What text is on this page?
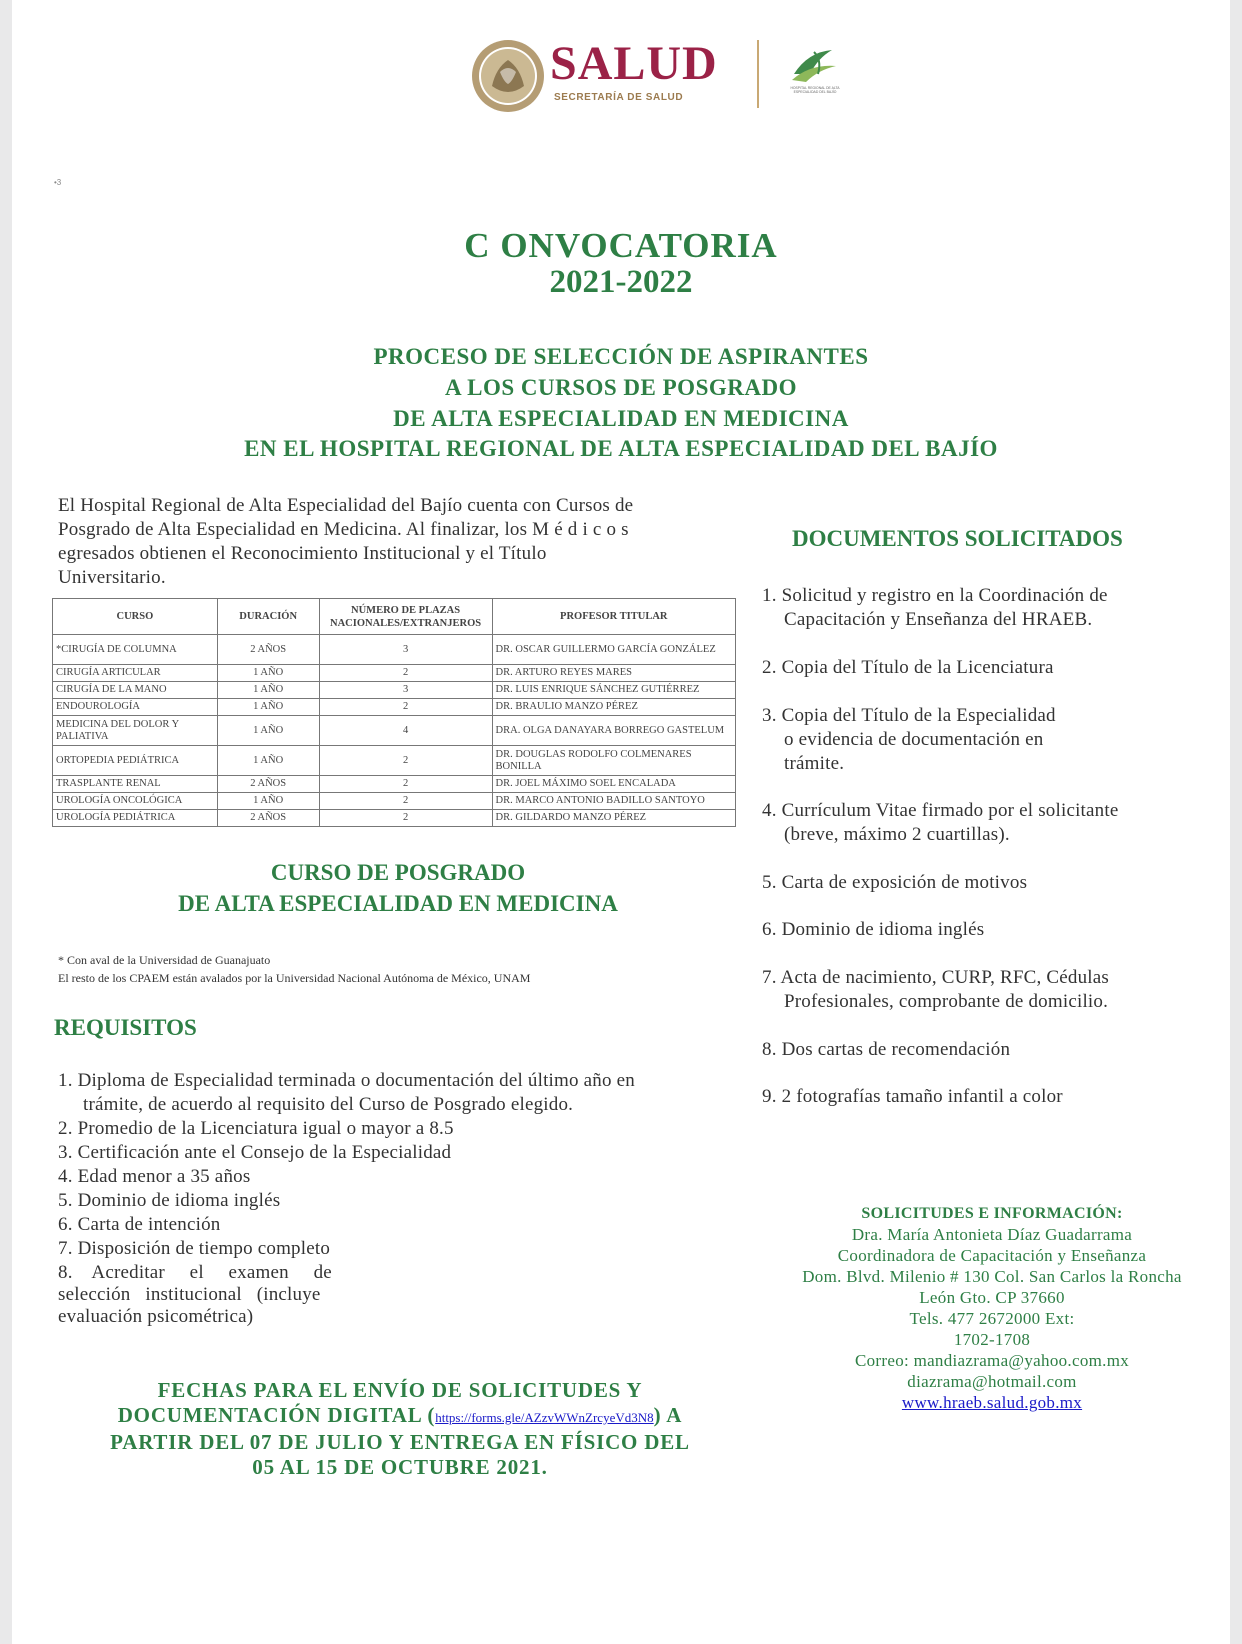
SALUD
SECRETARÍA DE SALUD
HOSPITAL REGIONAL DE ALTA ESPECIALIDAD DEL BAJÍO
•3
C ONVOCATORIA
2021-2022
PROCESO DE SELECCIÓN DE ASPIRANTES
A LOS CURSOS DE POSGRADO
DE ALTA ESPECIALIDAD EN MEDICINA
EN EL HOSPITAL REGIONAL DE ALTA ESPECIALIDAD DEL BAJÍO
El Hospital Regional de Alta Especialidad del Bajío cuenta con Cursos de
Posgrado de Alta Especialidad en Medicina. Al finalizar, los M é d i c o s
egresados obtienen el Reconocimiento Institucional y el Título
Universitario.
CURSO	DURACIÓN	NÚMERO DE PLAZAS NACIONALES/EXTRANJEROS	PROFESOR TITULAR
*CIRUGÍA DE COLUMNA	2 AÑOS	3	DR. OSCAR GUILLERMO GARCÍA GONZÁLEZ
CIRUGÍA ARTICULAR	1 AÑO	2	DR. ARTURO REYES MARES
CIRUGÍA DE LA MANO	1 AÑO	3	DR. LUIS ENRIQUE SÁNCHEZ GUTIÉRREZ
ENDOUROLOGÍA	1 AÑO	2	DR. BRAULIO MANZO PÉREZ
MEDICINA DEL DOLOR Y PALIATIVA	1 AÑO	4	DRA. OLGA DANAYARA BORREGO GASTELUM
ORTOPEDIA PEDIÁTRICA	1 AÑO	2	DR. DOUGLAS RODOLFO COLMENARES BONILLA
TRASPLANTE RENAL	2 AÑOS	2	DR. JOEL MÁXIMO SOEL ENCALADA
UROLOGÍA ONCOLÓGICA	1 AÑO	2	DR. MARCO ANTONIO BADILLO SANTOYO
UROLOGÍA PEDIÁTRICA	2 AÑOS	2	DR. GILDARDO MANZO PÉREZ
CURSO DE POSGRADO
DE ALTA ESPECIALIDAD EN MEDICINA
* Con aval de la Universidad de Guanajuato
El resto de los CPAEM están avalados por la Universidad Nacional Autónoma de México, UNAM
REQUISITOS
1. Diploma de Especialidad terminada o documentación del último año en
trámite, de acuerdo al requisito del Curso de Posgrado elegido.
2. Promedio de la Licenciatura igual o mayor a 8.5
3. Certificación ante el Consejo de la Especialidad
4. Edad menor a 35 años
5. Dominio de idioma inglés
6. Carta de intención
7. Disposición de tiempo completo
8.    Acreditar     el     examen     de
selección   institucional   (incluye
evaluación psicométrica)
FECHAS PARA EL ENVÍO DE SOLICITUDES Y
DOCUMENTACIÓN DIGITAL (https://forms.gle/AZzvWWnZrcyeVd3N8) A
PARTIR DEL 07 DE JULIO Y ENTREGA EN FÍSICO DEL
05 AL 15 DE OCTUBRE 2021.
DOCUMENTOS SOLICITADOS
1. Solicitud y registro en la Coordinación de
Capacitación y Enseñanza del HRAEB.
2. Copia del Título de la Licenciatura
3. Copia del Título de la Especialidad
o evidencia de documentación en
trámite.
4. Currículum Vitae firmado por el solicitante
(breve, máximo 2 cuartillas).
5. Carta de exposición de motivos
6. Dominio de idioma inglés
7. Acta de nacimiento, CURP, RFC, Cédulas
Profesionales, comprobante de domicilio.
8. Dos cartas de recomendación
9. 2 fotografías tamaño infantil a color
SOLICITUDES E INFORMACIÓN:
Dra. María Antonieta Díaz Guadarrama
Coordinadora de Capacitación y Enseñanza
Dom. Blvd. Milenio # 130 Col. San Carlos la Roncha
León Gto. CP 37660
Tels. 477 2672000 Ext:
1702-1708
Correo: mandiazrama@yahoo.com.mx
diazrama@hotmail.com
www.hraeb.salud.gob.mx
